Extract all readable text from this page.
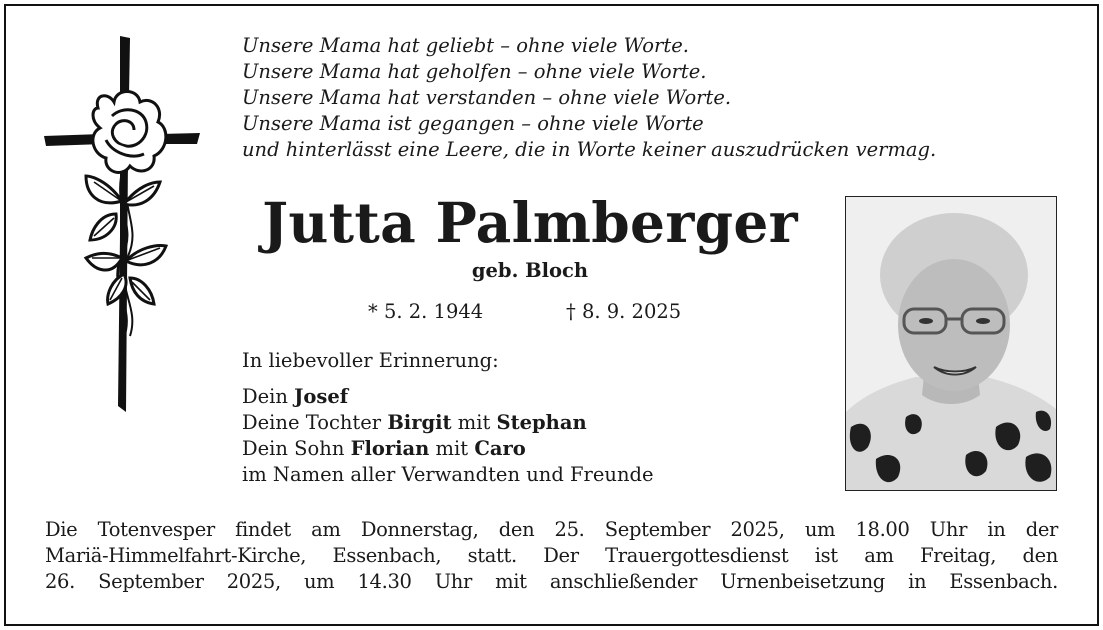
Unsere Mama hat geliebt – ohne viele Worte.
Unsere Mama hat geholfen – ohne viele Worte.
Unsere Mama hat verstanden – ohne viele Worte.
Unsere Mama ist gegangen – ohne viele Worte
und hinterlässt eine Leere, die in Worte keiner auszudrücken vermag.
Jutta Palmberger
geb. Bloch
* 5. 2. 1944	† 8. 9. 2025
In liebevoller Erinnerung:
Dein Josef
Deine Tochter Birgit mit Stephan
Dein Sohn Florian mit Caro
im Namen aller Verwandten und Freunde
Die Totenvesper findet am Donnerstag, den 25. September 2025, um 18.00 Uhr in der
Mariä-Himmelfahrt-Kirche, Essenbach, statt. Der Trauergottesdienst ist am Freitag, den
26. September 2025, um 14.30 Uhr mit anschließender Urnenbeisetzung in Essenbach.
